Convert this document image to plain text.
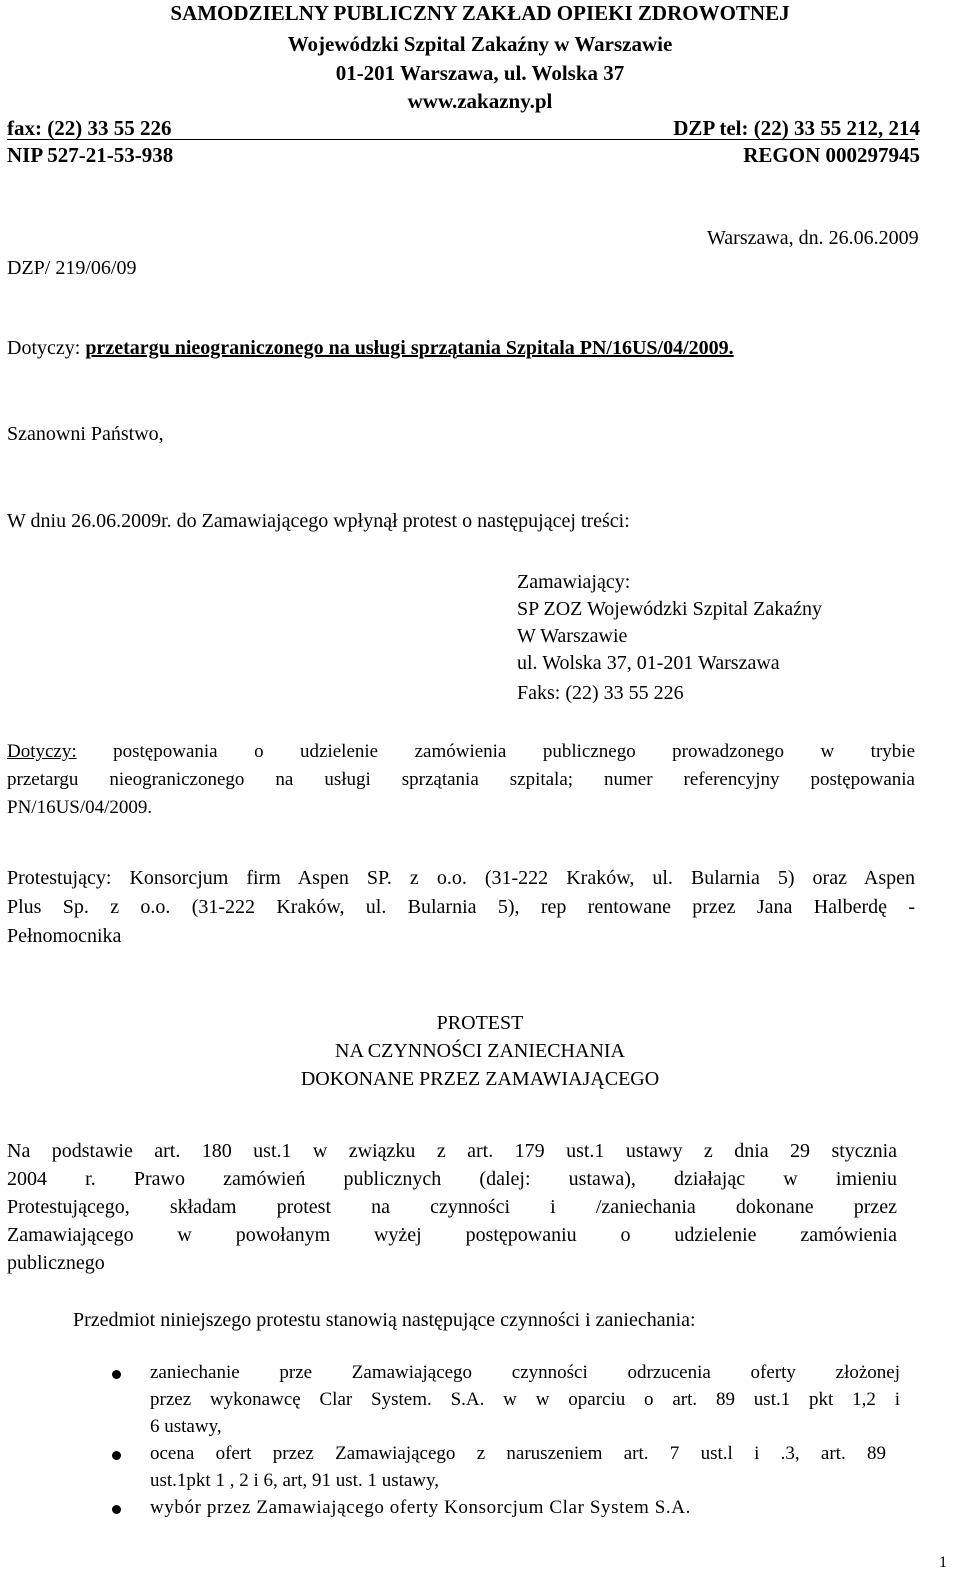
SAMODZIELNY PUBLICZNY ZAKŁAD OPIEKI ZDROWOTNEJ
Wojewódzki Szpital Zakaźny w Warszawie
01-201 Warszawa, ul. Wolska 37
www.zakazny.pl
fax: (22) 33 55 226	DZP tel: (22) 33 55 212, 214
NIP 527-21-53-938	REGON 000297945
DZP/ 219/06/09
Warszawa, dn. 26.06.2009
Dotyczy: przetargu nieograniczonego na usługi sprzątania Szpitala PN/16US/04/2009.
Szanowni Państwo,
W dniu 26.06.2009r. do Zamawiającego wpłynął protest o następującej treści:
Zamawiający:
SP ZOZ Wojewódzki Szpital Zakaźny
W Warszawie
ul. Wolska 37, 01-201 Warszawa
Faks: (22) 33 55 226
Dotyczy: postępowania o udzielenie zamówienia publicznego prowadzonego w trybie
przetargu nieograniczonego na usługi sprzątania szpitala; numer referencyjny postępowania
PN/16US/04/2009.
Protestujący: Konsorcjum firm Aspen SP. z o.o. (31-222 Kraków, ul. Bularnia 5) oraz Aspen
Plus Sp. z o.o. (31-222 Kraków, ul. Bularnia 5), rep rentowane przez Jana Halberdę -
Pełnomocnika
PROTEST
NA CZYNNOŚCI ZANIECHANIA
DOKONANE PRZEZ ZAMAWIAJĄCEGO
Na podstawie art. 180 ust.1 w związku z art. 179 ust.1 ustawy z dnia 29 stycznia
2004 r. Prawo zamówień publicznych (dalej: ustawa), działając w imieniu
Protestującego, składam protest na czynności i /zaniechania dokonane przez
Zamawiającego w powołanym wyżej postępowaniu o udzielenie zamówienia
publicznego
Przedmiot niniejszego protestu stanowią następujące czynności i zaniechania:
zaniechanie prze Zamawiającego czynności odrzucenia oferty złożonej
przez wykonawcę Clar System. S.A. w w oparciu o art. 89 ust.1 pkt 1,2 i
6 ustawy,
ocena ofert przez Zamawiającego z naruszeniem art. 7 ust.l i .3, art. 89
ust.1pkt 1 , 2 i 6, art, 91 ust. 1 ustawy,
wybór przez Zamawiającego oferty Konsorcjum Clar System S.A.
1
